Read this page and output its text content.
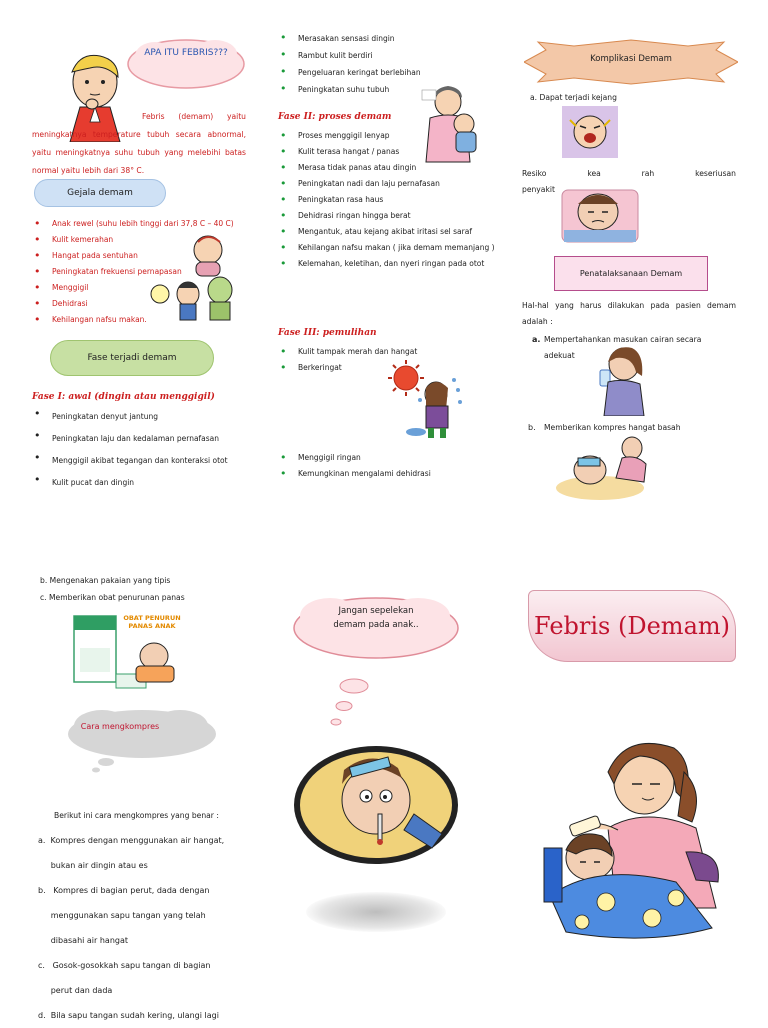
APA ITU FEBRIS???
Febris (demam) yaitu meningkatnya temperature tubuh secara abnormal, yaitu meningkatnya suhu tubuh yang melebihi batas normal yaitu lebih dari 38° C.
Gejala demam
• Anak rewel (suhu lebih tinggi dari 37,8 C – 40 C)
• Kulit kemerahan
• Hangat pada sentuhan
• Peningkatan frekuensi pernapasan
• Menggigil
• Dehidrasi
• Kehilangan nafsu makan.
Fase terjadi demam
Fase I: awal (dingin atau menggigil)
• Peningkatan denyut jantung
• Peningkatan laju dan kedalaman pernafasan
• Menggigil akibat tegangan dan konteraksi otot
• Kulit pucat dan dingin
• Merasakan sensasi dingin
• Rambut kulit berdiri
• Pengeluaran keringat berlebihan
• Peningkatan suhu tubuh
Fase II: proses demam
• Proses menggigil lenyap
• Kulit terasa hangat / panas
• Merasa tidak panas atau dingin
• Peningkatan nadi dan laju pernafasan
• Peningkatan rasa haus
• Dehidrasi ringan hingga berat
• Mengantuk, atau kejang akibat iritasi sel saraf
• Kehilangan nafsu makan ( jika demam memanjang )
• Kelemahan, keletihan, dan nyeri ringan pada otot
Fase III: pemulihan
• Kulit tampak merah dan hangat
• Berkeringat
• Menggigil ringan
• Kemungkinan mengalami dehidrasi
Komplikasi Demam
a. Dapat terjadi kejang
Resiko kea rah keseriusan penyakit
Penatalaksanaan Demam
Hal-hal yang harus dilakukan pada pasien demam adalah :
a. Mempertahankan masukan cairan secara adekuat
b. Memberikan kompres hangat basah
b. Mengenakan pakaian yang tipis
c. Memberikan obat penurunan panas
OBAT PENURUN PANAS ANAK
Cara mengkompres
Berikut ini cara mengkompres yang benar :
a.  Kompres dengan menggunakan air hangat,
bukan air dingin atau es
b.   Kompres di bagian perut, dada dengan
menggunakan sapu tangan yang telah
dibasahi air hangat
c.   Gosok-gosokkah sapu tangan di bagian
perut dan dada
d.  Bila sapu tangan sudah kering, ulangi lagi
Jangan sepelekan demam pada anak..	Febris (Demam)
